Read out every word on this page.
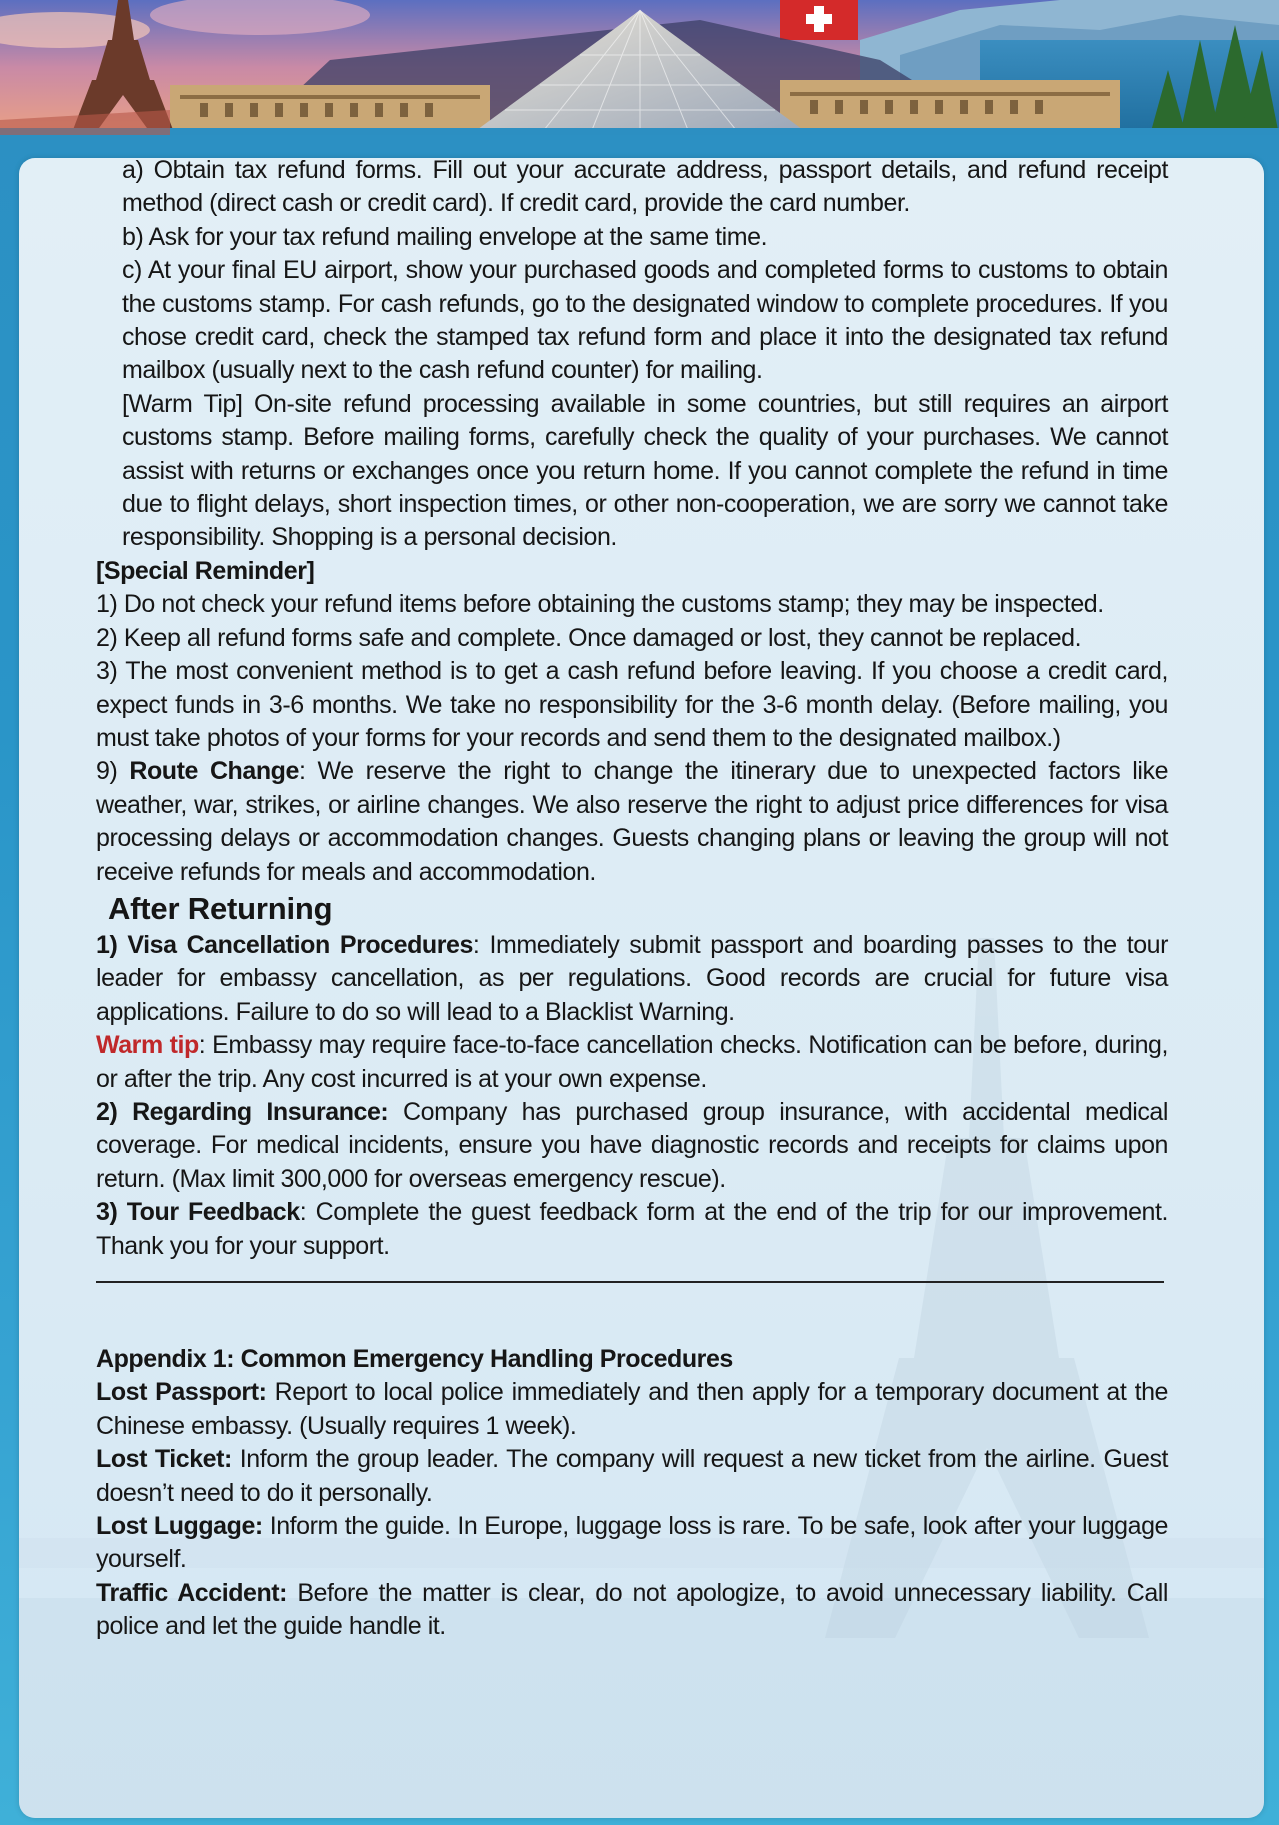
a) Obtain tax refund forms. Fill out your accurate address, passport details, and refund receipt method (direct cash or credit card). If credit card, provide the card number.

b) Ask for your tax refund mailing envelope at the same time.

c) At your final EU airport, show your purchased goods and completed forms to customs to obtain the customs stamp. For cash refunds, go to the designated window to complete procedures. If you chose credit card, check the stamped tax refund form and place it into the designated tax refund mailbox (usually next to the cash refund counter) for mailing.

[Warm Tip] On-site refund processing available in some countries, but still requires an airport customs stamp. Before mailing forms, carefully check the quality of your purchases. We cannot assist with returns or exchanges once you return home. If you cannot complete the refund in time due to flight delays, short inspection times, or other non-cooperation, we are sorry we cannot take responsibility. Shopping is a personal decision.

[Special Reminder]

1) Do not check your refund items before obtaining the customs stamp; they may be inspected.

2) Keep all refund forms safe and complete. Once damaged or lost, they cannot be replaced.

3) The most convenient method is to get a cash refund before leaving. If you choose a credit card, expect funds in 3-6 months. We take no responsibility for the 3-6 month delay. (Before mailing, you must take photos of your forms for your records and send them to the designated mailbox.)

9) Route Change: We reserve the right to change the itinerary due to unexpected factors like weather, war, strikes, or airline changes. We also reserve the right to adjust price differences for visa processing delays or accommodation changes. Guests changing plans or leaving the group will not receive refunds for meals and accommodation.

After Returning

1) Visa Cancellation Procedures: Immediately submit passport and boarding passes to the tour leader for embassy cancellation, as per regulations. Good records are crucial for future visa applications. Failure to do so will lead to a Blacklist Warning.

Warm tip: Embassy may require face-to-face cancellation checks. Notification can be before, during, or after the trip. Any cost incurred is at your own expense.

2) Regarding Insurance: Company has purchased group insurance, with accidental medical coverage. For medical incidents, ensure you have diagnostic records and receipts for claims upon return. (Max limit 300,000 for overseas emergency rescue).

3) Tour Feedback: Complete the guest feedback form at the end of the trip for our improvement. Thank you for your support.

Appendix 1: Common Emergency Handling Procedures

Lost Passport: Report to local police immediately and then apply for a temporary document at the Chinese embassy. (Usually requires 1 week).

Lost Ticket: Inform the group leader. The company will request a new ticket from the airline. Guest doesn’t need to do it personally.

Lost Luggage: Inform the guide. In Europe, luggage loss is rare. To be safe, look after your luggage yourself.

Traffic Accident: Before the matter is clear, do not apologize, to avoid unnecessary liability. Call police and let the guide handle it.
